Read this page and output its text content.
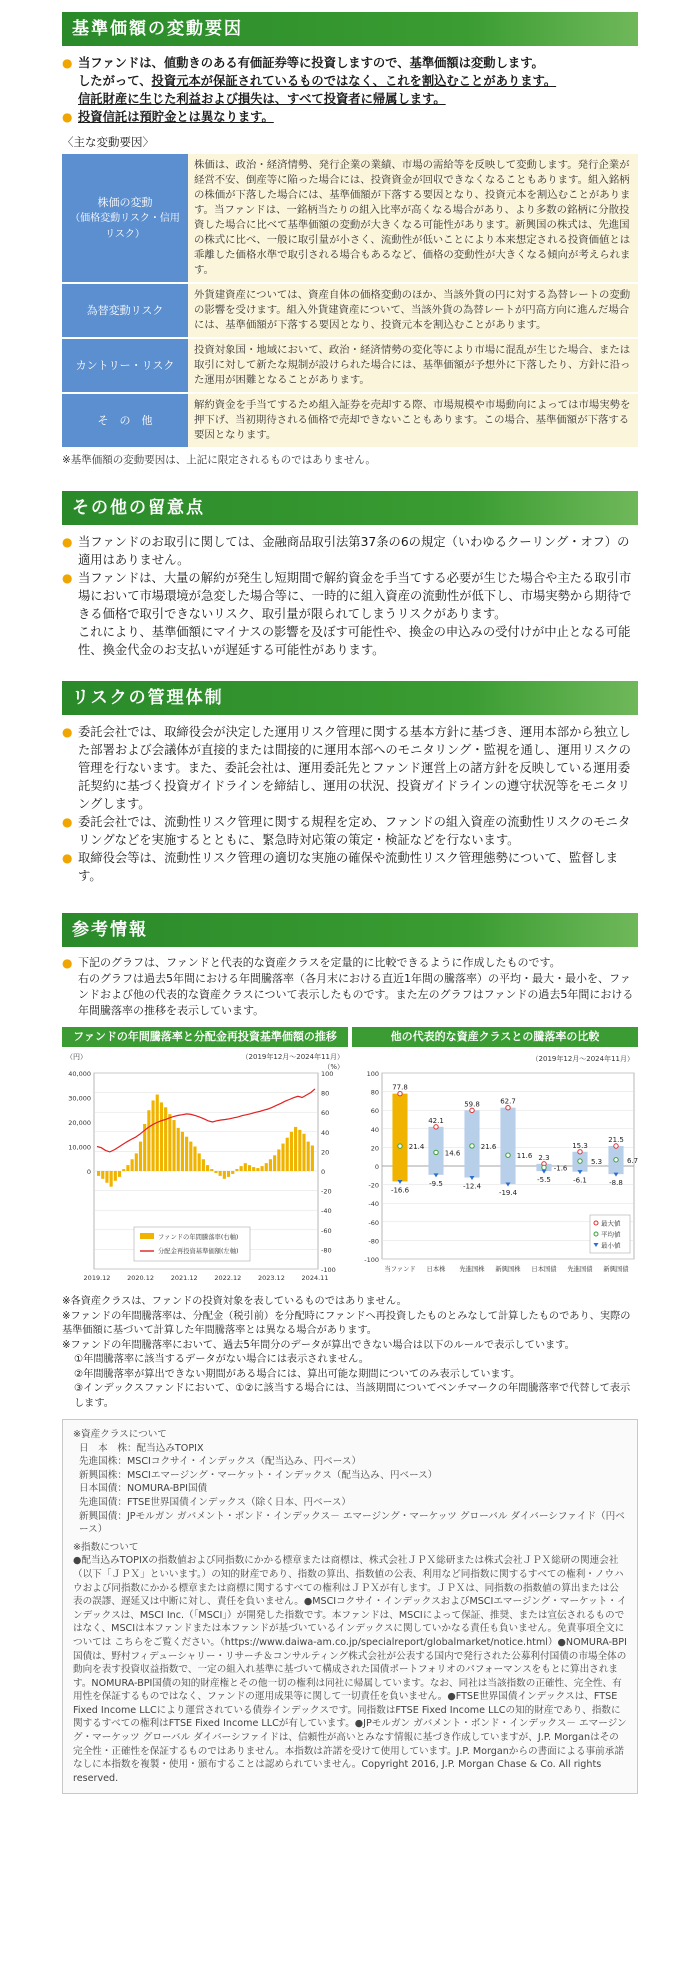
基準価額の変動要因
● 当ファンドは、値動きのある有価証券等に投資しますので、基準価額は変動します。
したがって、投資元本が保証されているものではなく、これを割込むことがあります。
信託財産に生じた利益および損失は、すべて投資者に帰属します。
● 投資信託は預貯金とは異なります。
〈主な変動要因〉
株価の変動
（価格変動リスク・信用リスク）	株価は、政治・経済情勢、発行企業の業績、市場の需給等を反映して変動します。発行企業が経営不安、倒産等に陥った場合には、投資資金が回収できなくなることもあります。組入銘柄の株価が下落した場合には、基準価額が下落する要因となり、投資元本を割込むことがあります。当ファンドは、一銘柄当たりの組入比率が高くなる場合があり、より多数の銘柄に分散投資した場合に比べて基準価額の変動が大きくなる可能性があります。新興国の株式は、先進国の株式に比べ、一般に取引量が小さく、流動性が低いことにより本来想定される投資価値とは乖離した価格水準で取引される場合もあるなど、価格の変動性が大きくなる傾向が考えられます。
為替変動リスク	外貨建資産については、資産自体の価格変動のほか、当該外貨の円に対する為替レートの変動の影響を受けます。組入外貨建資産について、当該外貨の為替レートが円高方向に進んだ場合には、基準価額が下落する要因となり、投資元本を割込むことがあります。
カントリー・リスク	投資対象国・地域において、政治・経済情勢の変化等により市場に混乱が生じた場合、または取引に対して新たな規制が設けられた場合には、基準価額が予想外に下落したり、方針に沿った運用が困難となることがあります。
そ　の　他	解約資金を手当てするため組入証券を売却する際、市場規模や市場動向によっては市場実勢を押下げ、当初期待される価格で売却できないこともあります。この場合、基準価額が下落する要因となります。
※基準価額の変動要因は、上記に限定されるものではありません。
その他の留意点
● 当ファンドのお取引に関しては、金融商品取引法第37条の6の規定（いわゆるクーリング・オフ）の適用はありません。
● 当ファンドは、大量の解約が発生し短期間で解約資金を手当てする必要が生じた場合や主たる取引市場において市場環境が急変した場合等に、一時的に組入資産の流動性が低下し、市場実勢から期待できる価格で取引できないリスク、取引量が限られてしまうリスクがあります。
これにより、基準価額にマイナスの影響を及ぼす可能性や、換金の申込みの受付けが中止となる可能性、換金代金のお支払いが遅延する可能性があります。
リスクの管理体制
● 委託会社では、取締役会が決定した運用リスク管理に関する基本方針に基づき、運用本部から独立した部署および会議体が直接的または間接的に運用本部へのモニタリング・監視を通し、運用リスクの管理を行ないます。また、委託会社は、運用委託先とファンド運営上の諸方針を反映している運用委託契約に基づく投資ガイドラインを締結し、運用の状況、投資ガイドラインの遵守状況等をモニタリングします。
● 委託会社では、流動性リスク管理に関する規程を定め、ファンドの組入資産の流動性リスクのモニタリングなどを実施するとともに、緊急時対応策の策定・検証などを行ないます。
● 取締役会等は、流動性リスク管理の適切な実施の確保や流動性リスク管理態勢について、監督します。
参考情報
● 下記のグラフは、ファンドと代表的な資産クラスを定量的に比較できるように作成したものです。
右のグラフは過去5年間における年間騰落率（各月末における直近1年間の騰落率）の平均・最大・最小を、ファンドおよび他の代表的な資産クラスについて表示したものです。また左のグラフはファンドの過去5年間における年間騰落率の推移を表示しています。
ファンドの年間騰落率と分配金再投資基準価額の推移
（円）	（2019年12月～2024年11月）
（%）
100
80
60
40
20
0
-20
-40
-60
-80
-100
40,000
30,000
20,000
10,000
0
2019.12	2020.12	2021.12	2022.12	2023.12	2024.11
ファンドの年間騰落率(右軸)
分配金再投資基準価額(左軸)
他の代表的な資産クラスとの騰落率の比較
（2019年12月～2024年11月）
100
80
60
40
20
0
-20
-40
-60
-80
-100
77.8
21.4
-16.6
当ファンド
42.1
14.6
-9.5
日本株
59.8
21.6
-12.4
先進国株
62.7
11.6
-19.4
新興国株
2.3
-1.6
-5.5
日本国債
15.3
5.3
-6.1
先進国債
21.5
6.7
-8.8
新興国債
最大値
平均値
最小値
※各資産クラスは、ファンドの投資対象を表しているものではありません。
※ファンドの年間騰落率は、分配金（税引前）を分配時にファンドへ再投資したものとみなして計算したものであり、実際の基準価額に基づいて計算した年間騰落率とは異なる場合があります。
※ファンドの年間騰落率において、過去5年間分のデータが算出できない場合は以下のルールで表示しています。
①年間騰落率に該当するデータがない場合には表示されません。
②年間騰落率が算出できない期間がある場合には、算出可能な期間についてのみ表示しています。
③インデックスファンドにおいて、①②に該当する場合には、当該期間についてベンチマークの年間騰落率で代替して表示します。

※資産クラスについて

日　本　株：配当込みTOPIX

先進国株：MSCIコクサイ・インデックス（配当込み、円ベース）

新興国株：MSCIエマージング・マーケット・インデックス（配当込み、円ベース）

日本国債：NOMURA-BPI国債

先進国債：FTSE世界国債インデックス（除く日本、円ベース）

新興国債：JPモルガン ガバメント・ボンド・インデックス－ エマージング・マーケッツ グローバル ダイバーシファイド（円ベース）

※指数について

●配当込みTOPIXの指数値および同指数にかかる標章または商標は、株式会社ＪＰＸ総研または株式会社ＪＰＸ総研の関連会社（以下「ＪＰＸ」といいます。）の知的財産であり、指数の算出、指数値の公表、利用など同指数に関するすべての権利・ノウハウおよび同指数にかかる標章または商標に関するすべての権利はＪＰＸが有します。ＪＰＸは、同指数の指数値の算出または公表の誤謬、遅延又は中断に対し、責任を負いません。●MSCIコクサイ・インデックスおよびMSCIエマージング・マーケット・インデックスは、MSCI Inc.（「MSCI」）が開発した指数です。本ファンドは、MSCIによって保証、推奨、または宣伝されるものではなく、MSCIは本ファンドまたは本ファンドが基づいているインデックスに関していかなる責任も負いません。免責事項全文については こちらをご覧ください。（https://www.daiwa-am.co.jp/specialreport/globalmarket/notice.html）●NOMURA-BPI国債は、野村フィデューシャリー・リサーチ＆コンサルティング株式会社が公表する国内で発行された公募利付国債の市場全体の動向を表す投資収益指数で、一定の組入れ基準に基づいて構成された国債ポートフォリオのパフォーマンスをもとに算出されます。NOMURA-BPI国債の知的財産権とその他一切の権利は同社に帰属しています。なお、同社は当該指数の正確性、完全性、有用性を保証するものではなく、ファンドの運用成果等に関して一切責任を負いません。●FTSE世界国債インデックスは、FTSE Fixed Income LLCにより運営されている債券インデックスです。同指数はFTSE Fixed Income LLCの知的財産であり、指数に関するすべての権利はFTSE Fixed Income LLCが有しています。●JPモルガン ガバメント・ボンド・インデックス－ エマージング・マーケッツ グローバル ダイバーシファイドは、信頼性が高いとみなす情報に基づき作成していますが、J.P. Morganはその完全性・正確性を保証するものではありません。本指数は許諾を受けて使用しています。J.P. Morganからの書面による事前承諾なしに本指数を複製・使用・頒布することは認められていません。Copyright 2016, J.P. Morgan Chase & Co. All rights reserved.
